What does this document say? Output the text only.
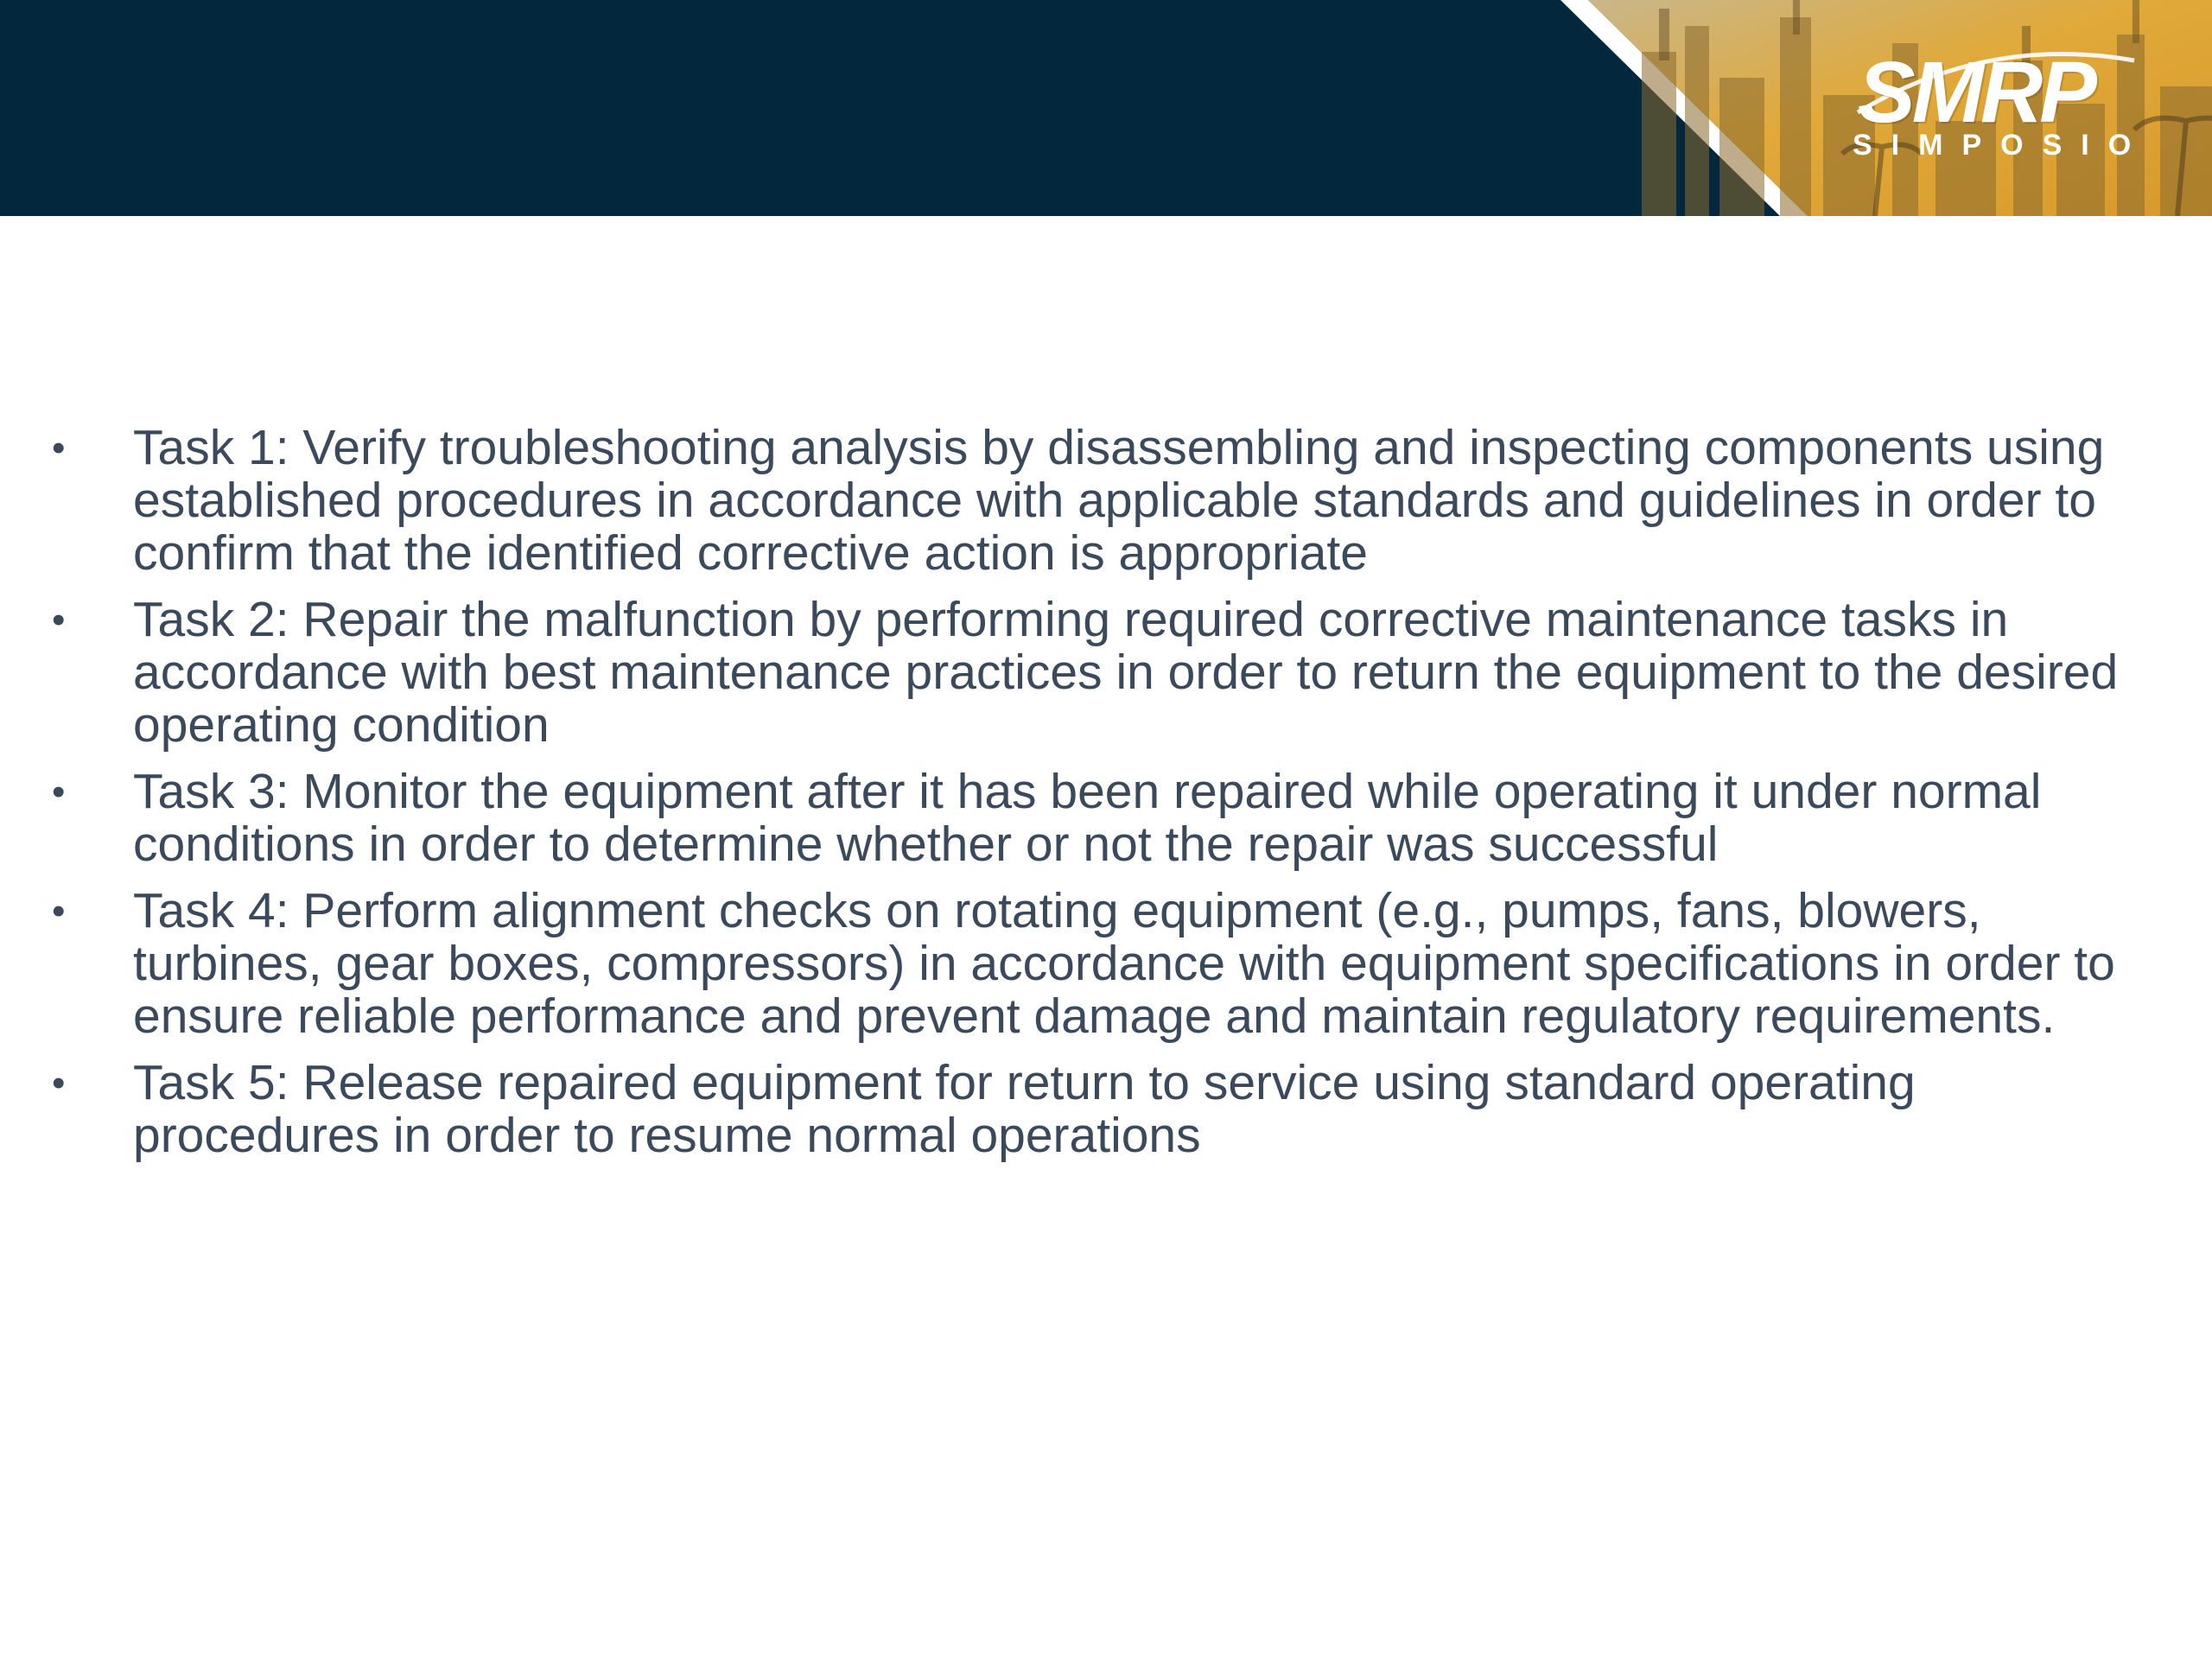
SMRP
SIMPOSIO
•	Task 1: Verify troubleshooting analysis by disassembling and inspecting components using established procedures in accordance with applicable standards and guidelines in order to confirm that the identified corrective action is appropriate
•	Task 2: Repair the malfunction by performing required corrective maintenance tasks in accordance with best maintenance practices in order to return the equipment to the desired operating condition
•	Task 3: Monitor the equipment after it has been repaired while operating it under normal conditions in order to determine whether or not the repair was successful
•	Task 4: Perform alignment checks on rotating equipment (e.g., pumps, fans, blowers, turbines, gear boxes, compressors) in accordance with equipment specifications in order to ensure reliable performance and prevent damage and maintain regulatory requirements.
•	Task 5: Release repaired equipment for return to service using standard operating procedures in order to resume normal operations
